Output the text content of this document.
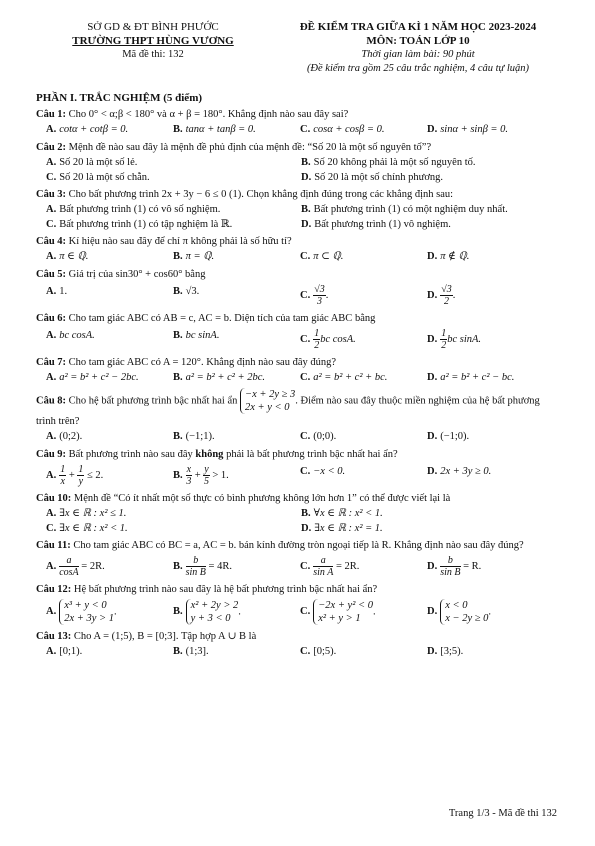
SỞ GD & ĐT BÌNH PHƯỚC
TRƯỜNG THPT HÙNG VƯƠNG
Mã đề thi: 132
ĐỀ KIỂM TRA GIỮA KÌ 1 NĂM HỌC 2023-2024
MÔN: TOÁN LỚP 10
Thời gian làm bài: 90 phút
(Đề kiểm tra gồm 25 câu trắc nghiệm, 4 câu tự luận)
PHẦN I. TRẮC NGHIỆM (5 điểm)
Câu 1: Cho 0° < α;β < 180° và α + β = 180°. Khẳng định nào sau đây sai?
A. cotα + cotβ = 0.	B. tanα + tanβ = 0.	C. cosα + cosβ = 0.	D. sinα + sinβ = 0.
Câu 2: Mệnh đề nào sau đây là mệnh đề phủ định của mệnh đề: “Số 20 là một số nguyên tố”?
A. Số 20 là một số lẻ.	B. Số 20 không phải là một số nguyên tố.
C. Số 20 là một số chẵn.	D. Số 20 là một số chính phương.
Câu 3: Cho bất phương trình 2x + 3y − 6 ≤ 0 (1). Chọn khẳng định đúng trong các khẳng định sau:
A. Bất phương trình (1) có vô số nghiệm.	B. Bất phương trình (1) có một nghiệm duy nhất.
C. Bất phương trình (1) có tập nghiệm là ℝ.	D. Bất phương trình (1) vô nghiệm.
Câu 4: Kí hiệu nào sau đây để chỉ π không phải là số hữu tỉ?
A. π ∈ ℚ.	B. π = ℚ.	C. π ⊂ ℚ.	D. π ∉ ℚ.
Câu 5: Giá trị của sin30° + cos60° bằng
A. 1.	B. √3.	C. $\frac{√3}{3}$ .	D. $\frac{√3}{2}$ .
Câu 6: Cho tam giác ABC có AB = c, AC = b. Diện tích của tam giác ABC bằng
A. bc cosA.	B. bc sinA.	C. $\frac{1}{2}$ bc cosA.	D. $\frac{1}{2}$ bc sinA.
Câu 7: Cho tam giác ABC có A = 120°. Khẳng định nào sau đây đúng?
A. a² = b² + c² − 2bc.	B. a² = b² + c² + 2bc.	C. a² = b² + c² + bc.	D. a² = b² + c² − bc.
Câu 8: Cho hệ bất phương trình bậc nhất hai ẩn
−x + 2y ≥ 3
2x + y < 0
. Điểm nào sau đây thuộc miền nghiệm của hệ bất phương trình trên?
A. (0;2).	B. (−1;1).	C. (0;0).	D. (−1;0).
Câu 9: Bất phương trình nào sau đây không phải là bất phương trình bậc nhất hai ẩn?
A. $\frac{1}{x} + \frac{1}{y} \le 2$.	B. $\frac{x}{3} + \frac{y}{5} > 1$.	C. −x < 0.	D. 2x + 3y ≥ 0.
Câu 10: Mệnh đề “Có ít nhất một số thực có bình phương không lớn hơn 1” có thể được viết lại là
A. ∃x ∈ ℝ : x² ≤ 1.	B. ∀x ∈ ℝ : x² < 1.
C. ∃x ∈ ℝ : x² < 1.	D. ∃x ∈ ℝ : x² = 1.
Câu 11: Cho tam giác ABC có BC = a, AC = b. bán kính đường tròn ngoại tiếp là R. Khẳng định nào sau đây đúng?
A. $\frac{a}{\cos A} = 2R$.	B. $\frac{b}{\text{sin B}} = 4R$.	C. $\frac{a}{\text{sin A}} = 2R$.	D. $\frac{b}{\text{sin B}} = R$.
Câu 12: Hệ bất phương trình nào sau đây là hệ bất phương trình bậc nhất hai ẩn?
A.
x³ + y < 0
2x + 3y > 1
.	B.
x² + 2y > 2
y + 3 < 0
.	C.
−2x + y² < 0
x² + y > 1
.	D.
x < 0
x − 2y ≥ 0
.
Câu 13: Cho A = (1;5), B = [0;3]. Tập hợp A ∪ B là
A. [0;1).	B. (1;3].	C. [0;5).	D. [3;5).
Trang 1/3 - Mã đề thi 132
